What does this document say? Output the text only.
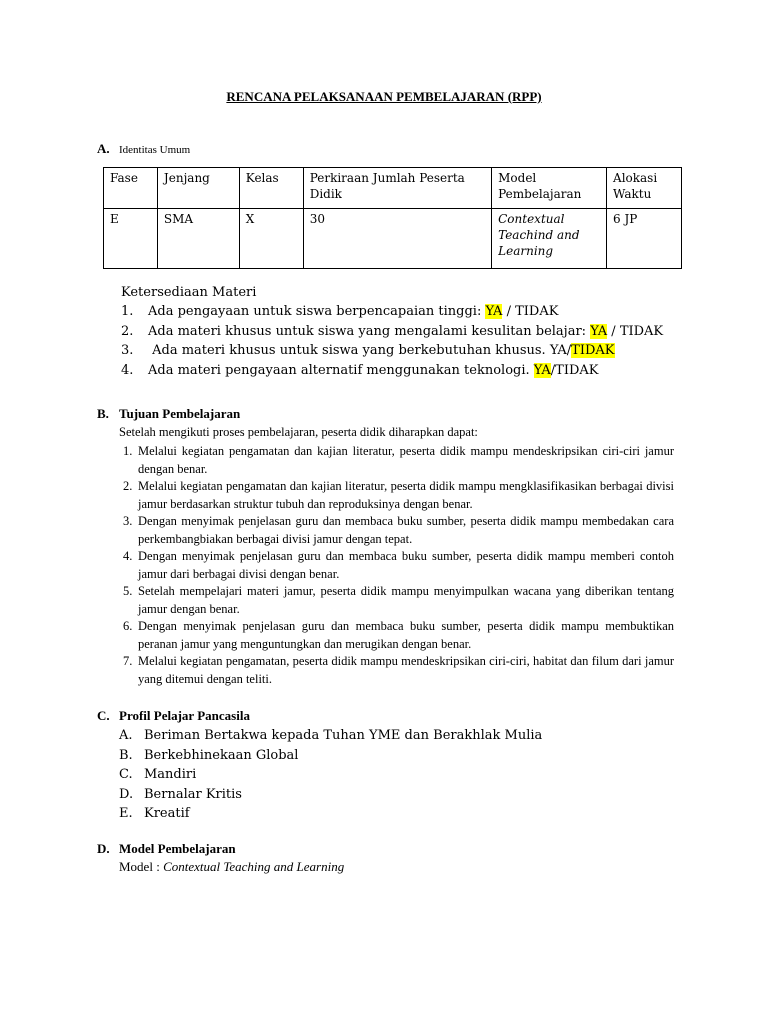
RENCANA PELAKSANAAN PEMBELAJARAN (RPP)
A. Identitas Umum
Fase	Jenjang	Kelas	Perkiraan Jumlah Peserta Didik	Model Pembelajaran	Alokasi Waktu
E	SMA	X	30	Contextual Teachind and Learning	6 JP
Ketersediaan Materi
1. Ada pengayaan untuk siswa berpencapaian tinggi: YA / TIDAK
2. Ada materi khusus untuk siswa yang mengalami kesulitan belajar: YA / TIDAK
3. Ada materi khusus untuk siswa yang berkebutuhan khusus. YA/TIDAK
4. Ada materi pengayaan alternatif menggunakan teknologi. YA/TIDAK
B. Tujuan Pembelajaran
Setelah mengikuti proses pembelajaran, peserta didik diharapkan dapat:
1. Melalui kegiatan pengamatan dan kajian literatur, peserta didik mampu mendeskripsikan ciri-ciri jamur dengan benar.
2. Melalui kegiatan pengamatan dan kajian literatur, peserta didik mampu mengklasifikasikan berbagai divisi jamur berdasarkan struktur tubuh dan reproduksinya dengan benar.
3. Dengan menyimak penjelasan guru dan membaca buku sumber, peserta didik mampu membedakan cara perkembangbiakan berbagai divisi jamur dengan tepat.
4. Dengan menyimak penjelasan guru dan membaca buku sumber, peserta didik mampu memberi contoh jamur dari berbagai divisi dengan benar.
5. Setelah mempelajari materi jamur, peserta didik mampu menyimpulkan wacana yang diberikan tentang jamur dengan benar.
6. Dengan menyimak penjelasan guru dan membaca buku sumber, peserta didik mampu membuktikan peranan jamur yang menguntungkan dan merugikan dengan benar.
7. Melalui kegiatan pengamatan, peserta didik mampu mendeskripsikan ciri-ciri, habitat dan filum dari jamur yang ditemui dengan teliti.
C. Profil Pelajar Pancasila
A. Beriman Bertakwa kepada Tuhan YME dan Berakhlak Mulia
B. Berkebhinekaan Global
C. Mandiri
D. Bernalar Kritis
E. Kreatif
D. Model Pembelajaran
Model : Contextual Teaching and Learning
